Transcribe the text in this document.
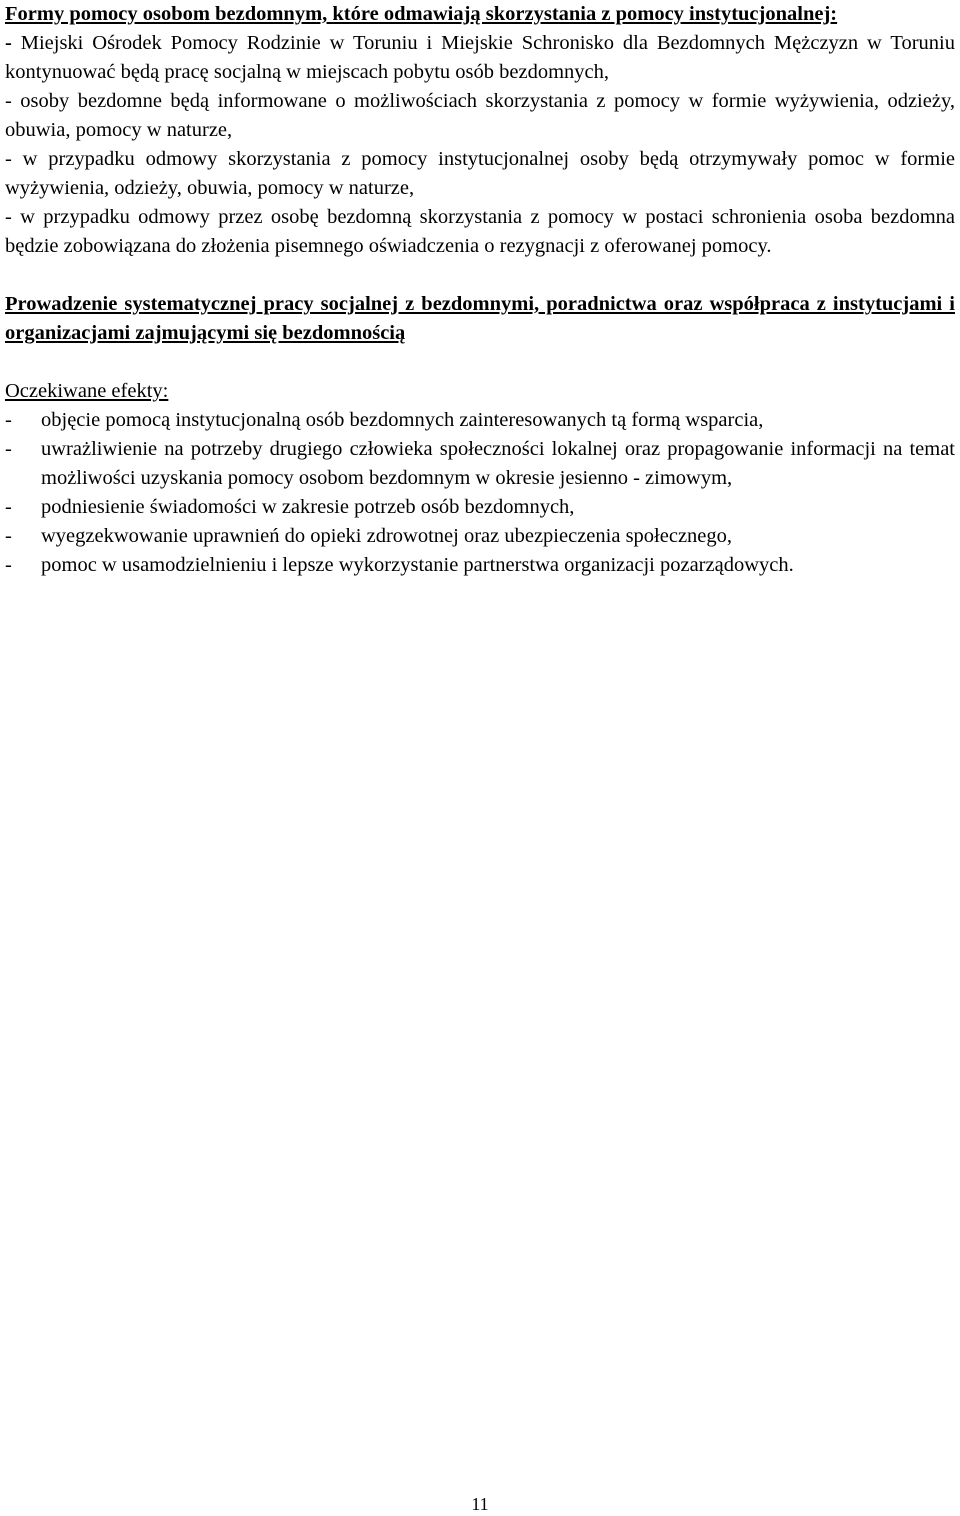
Formy pomocy osobom bezdomnym, które odmawiają skorzystania z pomocy instytucjonalnej:

- Miejski Ośrodek Pomocy Rodzinie w Toruniu i Miejskie Schronisko dla Bezdomnych Mężczyzn w Toruniu kontynuować będą pracę socjalną w miejscach pobytu osób bezdomnych,

- osoby bezdomne będą informowane o możliwościach skorzystania z pomocy w formie wyżywienia, odzieży, obuwia, pomocy w naturze,

- w przypadku odmowy skorzystania z pomocy instytucjonalnej osoby będą otrzymywały pomoc w formie wyżywienia, odzieży, obuwia, pomocy w naturze,

- w przypadku odmowy przez osobę bezdomną skorzystania z pomocy w postaci schronienia osoba bezdomna będzie zobowiązana do złożenia pisemnego oświadczenia o rezygnacji z oferowanej pomocy.

Prowadzenie systematycznej pracy socjalnej z bezdomnymi, poradnictwa oraz współpraca z instytucjami i organizacjami zajmującymi się bezdomnością

Oczekiwane efekty:

- objęcie pomocą instytucjonalną osób bezdomnych zainteresowanych tą formą wsparcia,
- uwrażliwienie na potrzeby drugiego człowieka społeczności lokalnej oraz propagowanie informacji na temat możliwości uzyskania pomocy osobom bezdomnym w okresie jesienno - zimowym,
- podniesienie świadomości w zakresie potrzeb osób bezdomnych,
- wyegzekwowanie uprawnień do opieki zdrowotnej oraz ubezpieczenia społecznego,
- pomoc w usamodzielnieniu i lepsze wykorzystanie partnerstwa organizacji pozarządowych.
11
